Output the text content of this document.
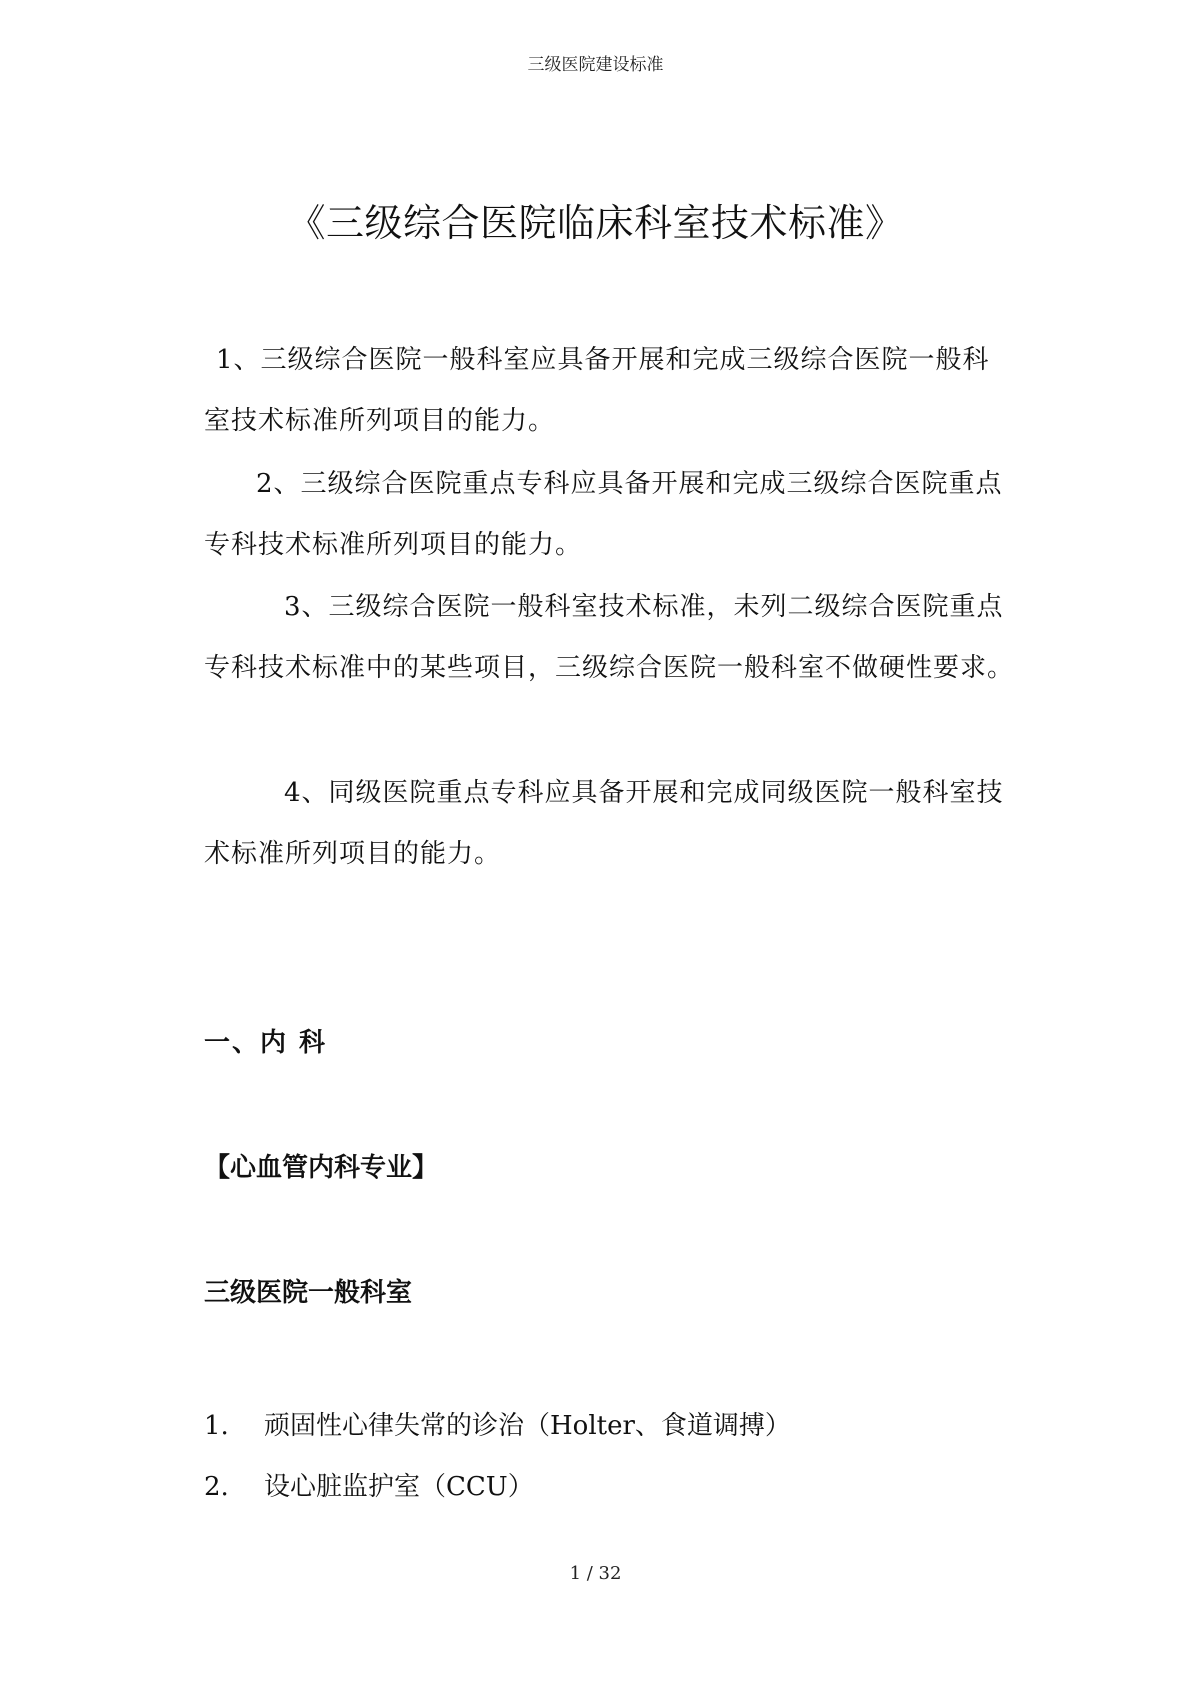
三级医院建设标准
《三级综合医院临床科室技术标准》

1、三级综合医院一般科室应具备开展和完成三级综合医院一般科室技术标准所列项目的能力。

2、三级综合医院重点专科应具备开展和完成三级综合医院重点专科技术标准所列项目的能力。

3、三级综合医院一般科室技术标准，未列二级综合医院重点专科技术标准中的某些项目，三级综合医院一般科室不做硬性要求。

4、同级医院重点专科应具备开展和完成同级医院一般科室技术标准所列项目的能力。

一、内 科
【心血管内科专业】
三级医院一般科室
1.	顽固性心律失常的诊治（Holter、食道调搏）
2.	设心脏监护室（CCU）
1 / 32
